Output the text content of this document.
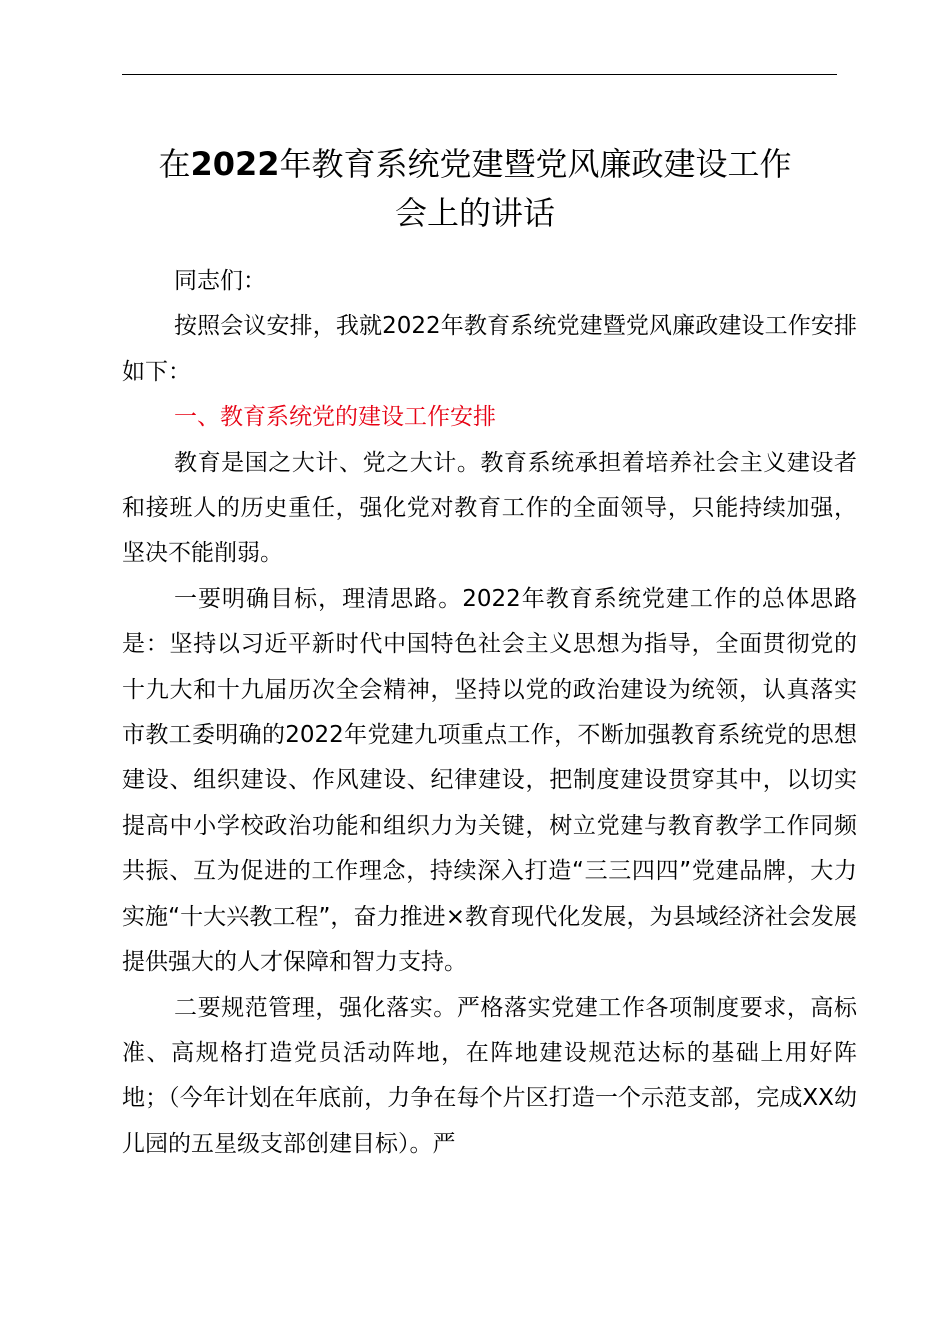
在2022年教育系统党建暨党风廉政建设工作
会上的讲话

同志们：

按照会议安排，我就2022年教育系统党建暨党风廉政建设工作安排如下：

一、教育系统党的建设工作安排

教育是国之大计、党之大计。教育系统承担着培养社会主义建设者和接班人的历史重任，强化党对教育工作的全面领导，只能持续加强，坚决不能削弱。

一要明确目标，理清思路。2022年教育系统党建工作的总体思路是：坚持以习近平新时代中国特色社会主义思想为指导，全面贯彻党的十九大和十九届历次全会精神，坚持以党的政治建设为统领，认真落实市教工委明确的2022年党建九项重点工作，不断加强教育系统党的思想建设、组织建设、作风建设、纪律建设，把制度建设贯穿其中，以切实提高中小学校政治功能和组织力为关键，树立党建与教育教学工作同频共振、互为促进的工作理念，持续深入打造“三三四四”党建品牌，大力实施“十大兴教工程”，奋力推进×教育现代化发展，为县域经济社会发展提供强大的人才保障和智力支持。

二要规范管理，强化落实。严格落实党建工作各项制度要求，高标准、高规格打造党员活动阵地，在阵地建设规范达标的基础上用好阵地；（今年计划在年底前，力争在每个片区打造一个示范支部，完成XX幼儿园的五星级支部创建目标）。严
